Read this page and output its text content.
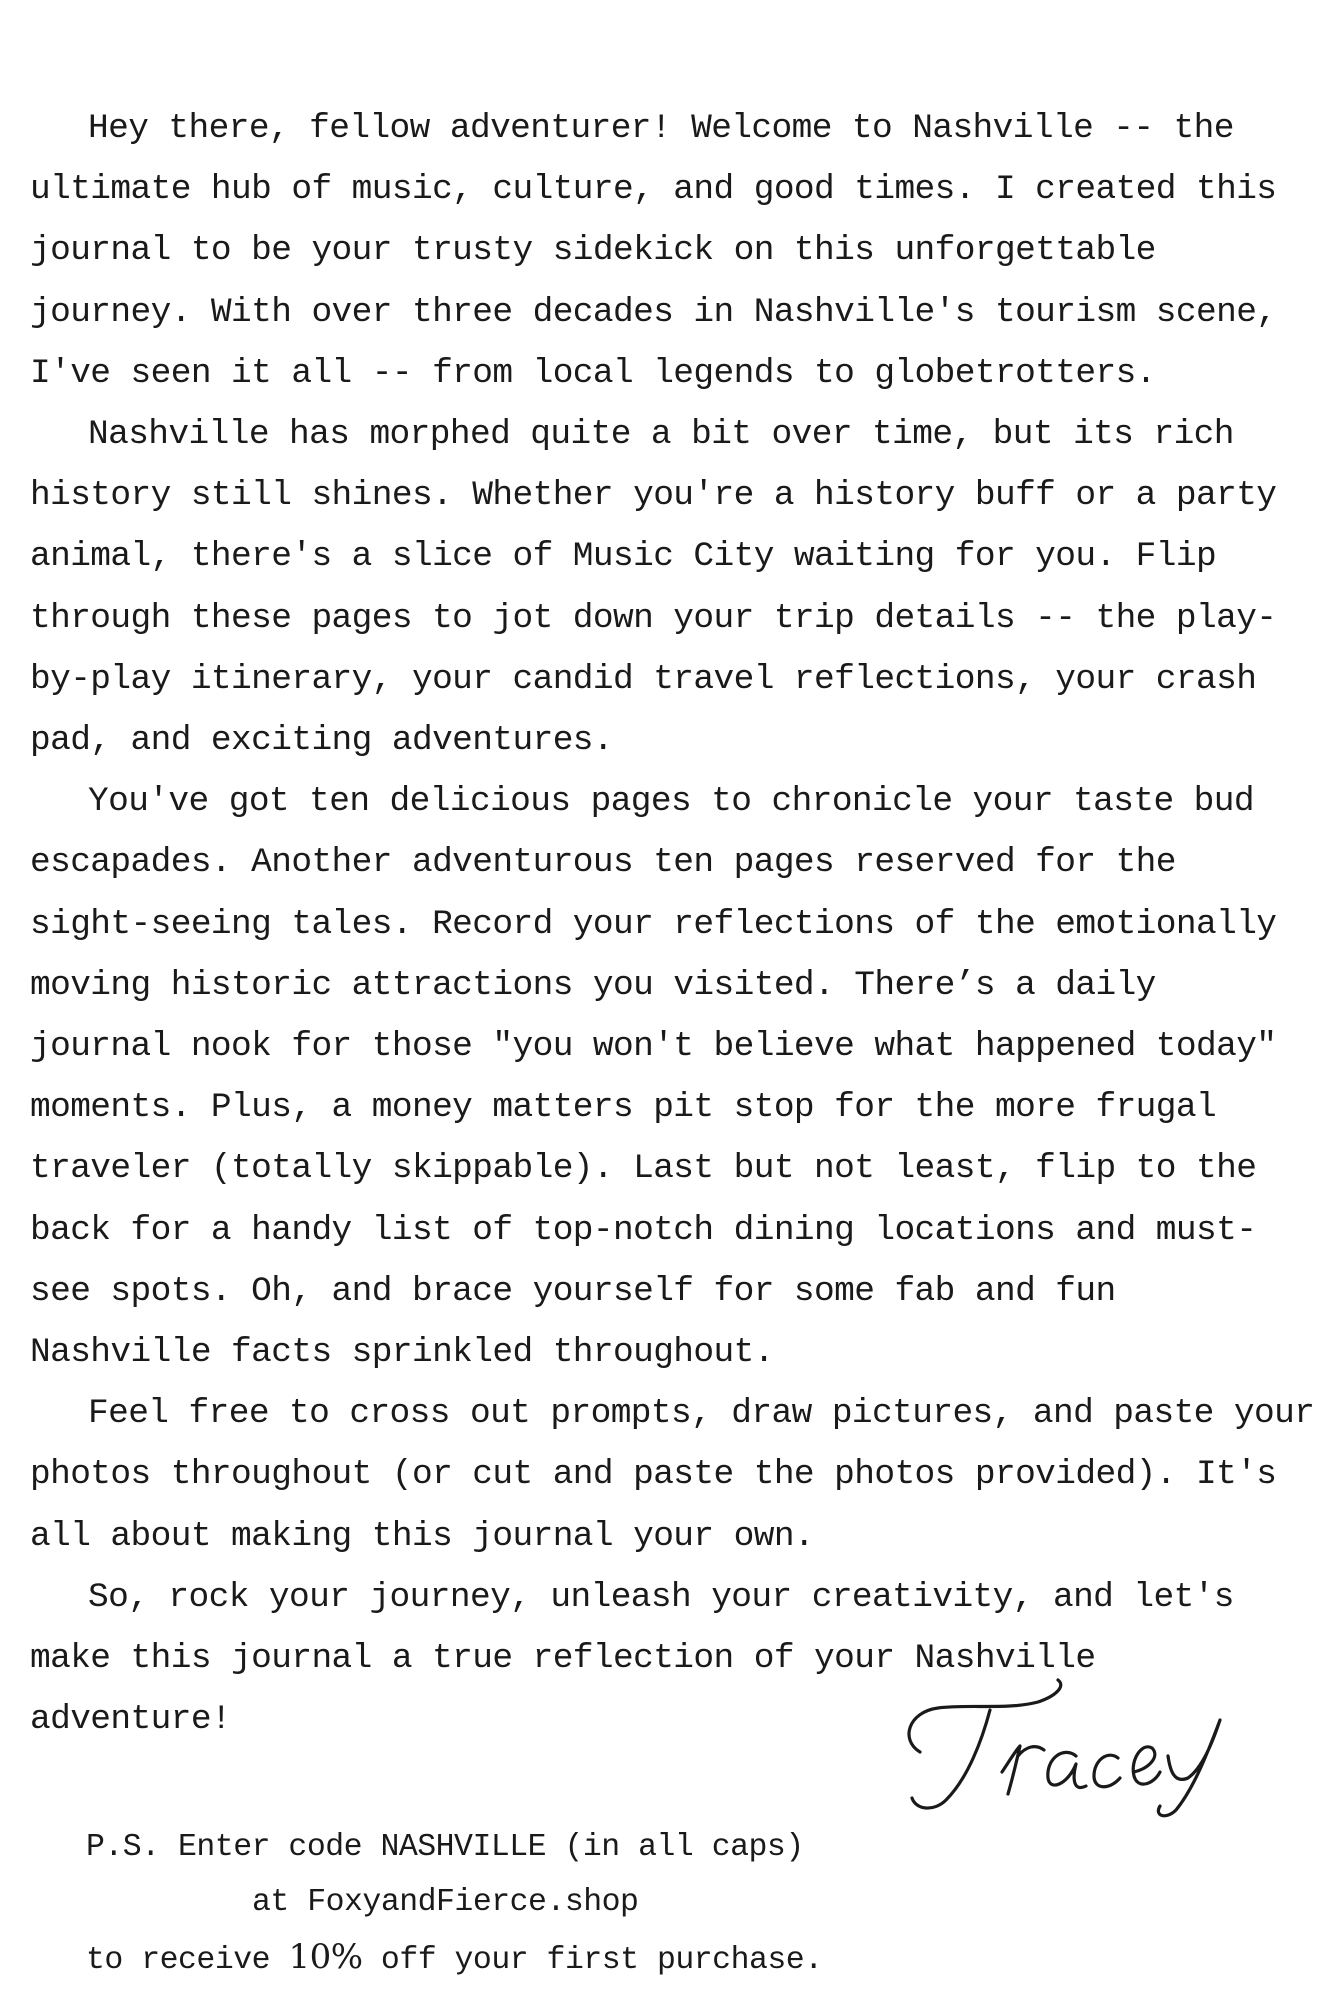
Hey there, fellow adventurer! Welcome to Nashville -- the ultimate hub of music, culture, and good times. I created this journal to be your trusty sidekick on this unforgettable journey. With over three decades in Nashville's tourism scene, I've seen it all -- from local legends to globetrotters.

Nashville has morphed quite a bit over time, but its rich history still shines. Whether you're a history buff or a party animal, there's a slice of Music City waiting for you. Flip through these pages to jot down your trip details -- the play-by-play itinerary, your candid travel reflections, your crash pad, and exciting adventures.

You've got ten delicious pages to chronicle your taste bud escapades. Another adventurous ten pages reserved for the sight-seeing tales. Record your reflections of the emotionally moving historic attractions you visited. There’s a daily journal nook for those "you won't believe what happened today" moments. Plus, a money matters pit stop for the more frugal traveler (totally skippable). Last but not least, flip to the back for a handy list of top-notch dining locations and must-see spots. Oh, and brace yourself for some fab and fun Nashville facts sprinkled throughout.

Feel free to cross out prompts, draw pictures, and paste your photos throughout (or cut and paste the photos provided). It's all about making this journal your own.

So, rock your journey, unleash your creativity, and let's make this journal a true reflection of your Nashville adventure!

P.S. Enter code NASHVILLE (in all caps)
at FoxyandFierce.shop
to receive 10% off your first purchase.
